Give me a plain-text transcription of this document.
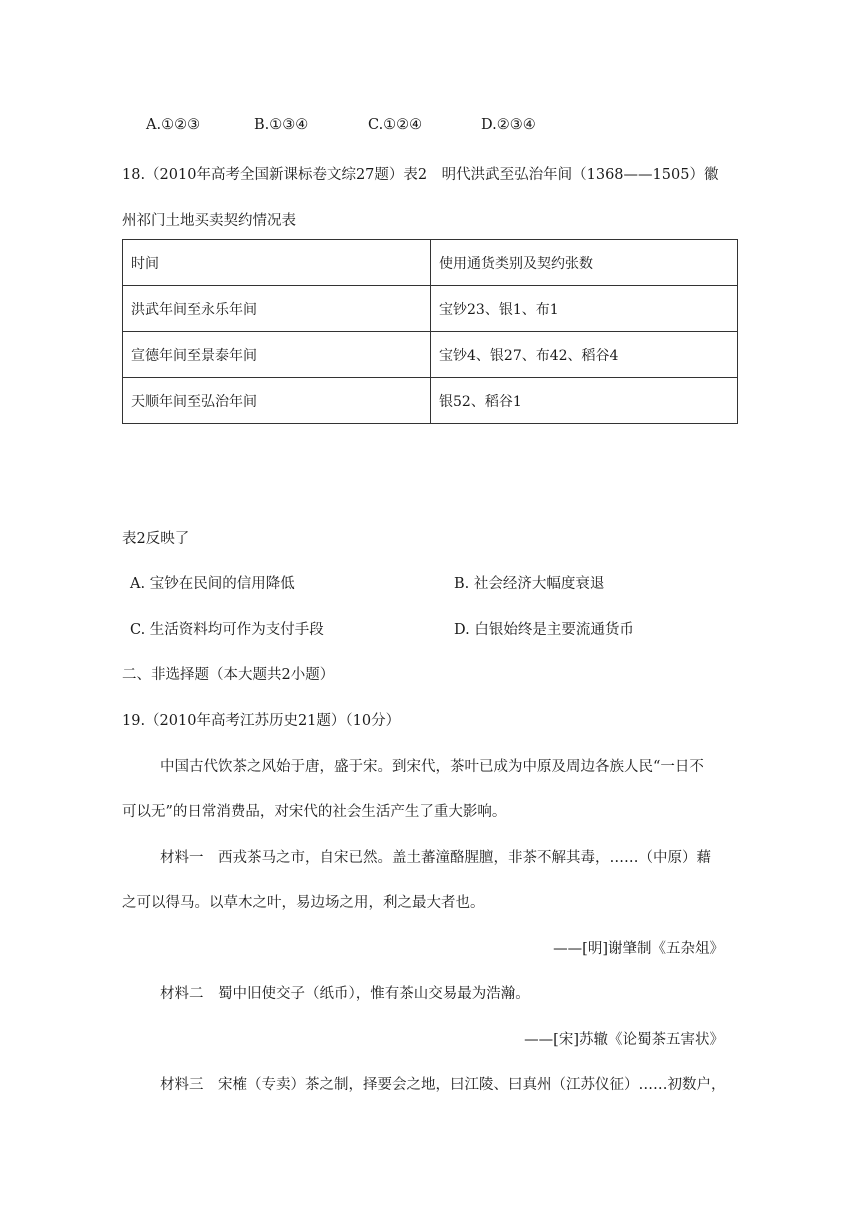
A.①②③	B.①③④	C.①②④	D.②③④
18.（2010年高考全国新课标卷文综27题）表2　明代洪武至弘治年间（1368——1505）徽
州祁门土地买卖契约情况表
时间	使用通货类别及契约张数
洪武年间至永乐年间	宝钞23、银1、布1
宣德年间至景泰年间	宝钞4、银27、布42、稻谷4
天顺年间至弘治年间	银52、稻谷1
表2反映了
A. 宝钞在民间的信用降低	B. 社会经济大幅度衰退
C. 生活资料均可作为支付手段	D. 白银始终是主要流通货币
二、非选择题（本大题共2小题）
19.（2010年高考江苏历史21题）（10分）
中国古代饮茶之风始于唐，盛于宋。到宋代，茶叶已成为中原及周边各族人民“一日不
可以无”的日常消费品，对宋代的社会生活产生了重大影响。
材料一　西戎茶马之市，自宋已然。盖土蕃潼酪腥膻，非茶不解其毒，……（中原）藉
之可以得马。以草木之叶，易边场之用，利之最大者也。
——[明]谢肇制《五杂俎》
材料二　蜀中旧使交子（纸币），惟有茶山交易最为浩瀚。
——[宋]苏辙《论蜀茶五害状》
材料三　宋榷（专卖）茶之制，择要会之地，曰江陵、曰真州（江苏仪征）……初数户，
